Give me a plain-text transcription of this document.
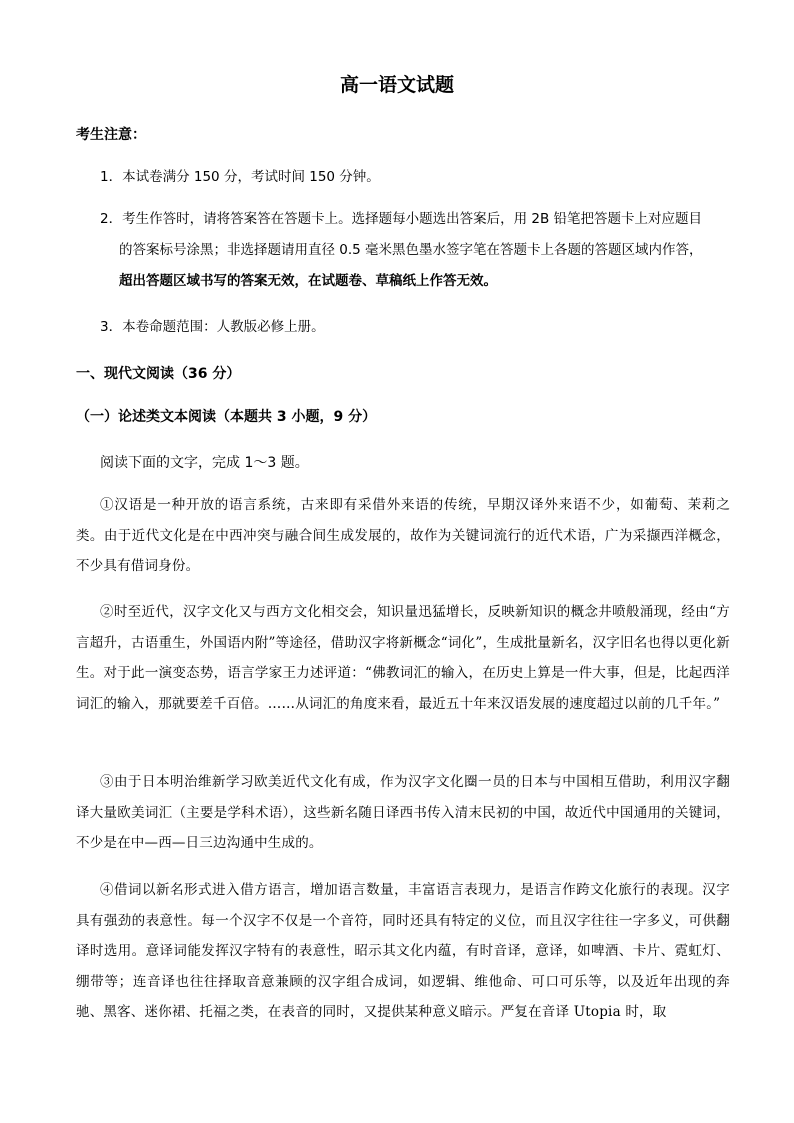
高一语文试题
考生注意：
1．本试卷满分 150 分，考试时间 150 分钟。
2．考生作答时，请将答案答在答题卡上。选择题每小题选出答案后，用 2B 铅笔把答题卡上对应题目
的答案标号涂黑；非选择题请用直径 0.5 毫米黑色墨水签字笔在答题卡上各题的答题区域内作答，
超出答题区域书写的答案无效，在试题卷、草稿纸上作答无效。
3．本卷命题范围：人教版必修上册。
一、现代文阅读（36 分）
（一）论述类文本阅读（本题共 3 小题，9 分）
阅读下面的文字，完成 1～3 题。
①汉语是一种开放的语言系统，古来即有采借外来语的传统，早期汉译外来语不少，如葡萄、茉莉之类。由于近代文化是在中西冲突与融合间生成发展的，故作为关键词流行的近代术语，广为采撷西洋概念，不少具有借词身份。
②时至近代，汉字文化又与西方文化相交会，知识量迅猛增长，反映新知识的概念井喷般涌现，经由“方言超升，古语重生，外国语内附”等途径，借助汉字将新概念“词化”，生成批量新名，汉字旧名也得以更化新生。对于此一演变态势，语言学家王力述评道：“佛教词汇的输入，在历史上算是一件大事，但是，比起西洋词汇的输入，那就要差千百倍。……从词汇的角度来看，最近五十年来汉语发展的速度超过以前的几千年。”
③由于日本明治维新学习欧美近代文化有成，作为汉字文化圈一员的日本与中国相互借助，利用汉字翻译大量欧美词汇（主要是学科术语），这些新名随日译西书传入清末民初的中国，故近代中国通用的关键词，不少是在中—西—日三边沟通中生成的。
④借词以新名形式进入借方语言，增加语言数量，丰富语言表现力，是语言作跨文化旅行的表现。汉字具有强劲的表意性。每一个汉字不仅是一个音符，同时还具有特定的义位，而且汉字往往一字多义，可供翻译时选用。意译词能发挥汉字特有的表意性，昭示其文化内蕴，有时音译，意译，如啤酒、卡片、霓虹灯、绷带等；连音译也往往择取音意兼顾的汉字组合成词，如逻辑、维他命、可口可乐等，以及近年出现的奔驰、黑客、迷你裙、托福之类，在表音的同时，又提供某种意义暗示。严复在音译 Utopia 时，取
